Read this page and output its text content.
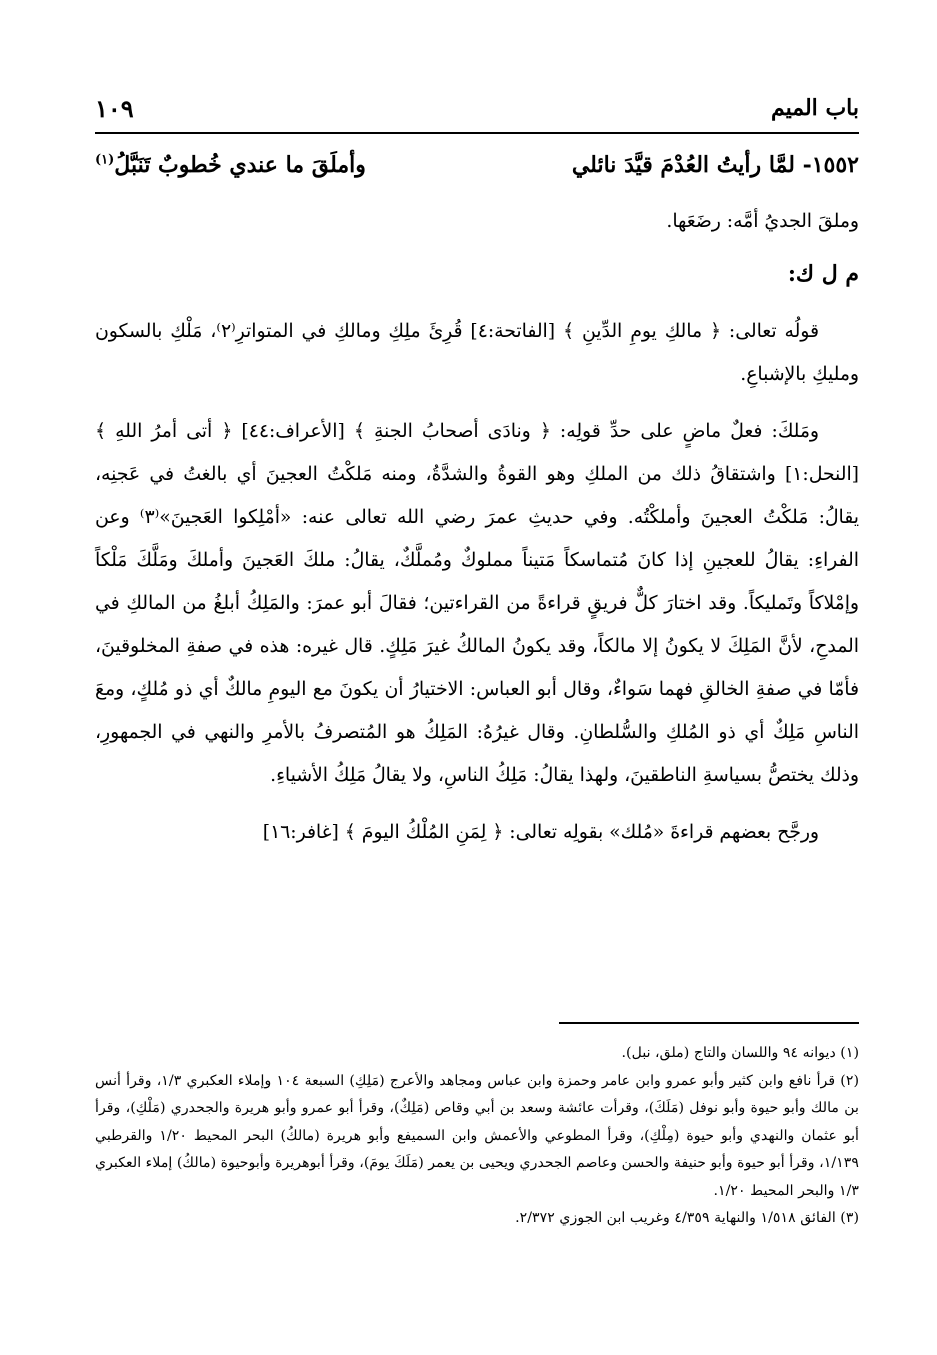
باب الميم
١٠٩
١٥٥٢- لمَّا رأيتُ العُدْمَ قيَّدَ نائلي
وأملَقَ ما عندي خُطوبٌ تَنَبَّلُ$^{(١)}$

وملقَ الجديُ أمَّه: رضَعَها.

م ل ك:

قولُه تعالى: ﴿ مالكِ يومِ الدِّينِ ﴾ [الفاتحة:٤] قُرِئَ ملِكِ ومالكِ في المتواترِ⁽٢⁾، مَلْكِ بالسكون ومليكِ بالإشباعِ.

ومَلكَ: فعلٌ ماضٍ على حدِّ قولِه: ﴿ ونادَى أصحابُ الجنةِ ﴾ [الأعراف:٤٤] ﴿ أتى أمرُ اللهِ ﴾ [النحل:١] واشتقاقُ ذلك من الملكِ وهو القوةُ والشدَّةُ، ومنه مَلكْتُ العجينَ أي بالغتُ في عَجنِه، يقالُ: مَلكْتُ العجينَ وأملكْتُه. وفي حديثِ عمرَ رضي الله تعالى عنه: «أمْلِكوا العَجينَ»⁽٣⁾ وعن الفراءِ: يقالُ للعجينِ إذا كانَ مُتماسكاً مَتيناً مملوكٌ ومُملَّكٌ، يقالُ: ملكَ العَجينَ وأملكَ ومَلَّكَ مَلْكاً وإمْلاكاً وتَمليكاً. وقد اختارَ كلٌّ فريقٍ قراءةً من القراءتين؛ فقالَ أبو عمرَ: والمَلِكُ أبلغُ من المالكِ في المدحِ، لأنَّ المَلِكَ لا يكونُ إلا مالكاً، وقد يكونُ المالكُ غيرَ مَلِكٍ. قال غيره: هذه في صفةِ المخلوقينَ، فأمّا في صفةِ الخالقِ فهما سَواءٌ، وقال أبو العباس: الاختيارُ أن يكونَ مع اليومِ مالكٌ أي ذو مُلكٍ، ومعَ الناسِ مَلِكٌ أي ذو المُلكِ والسُّلطانِ. وقال غيرُهُ: المَلِكُ هو المُتصرفُ بالأمرِ والنهي في الجمهورِ، وذلك يختصُّ بسياسةِ الناطقينَ، ولهذا يقالُ: مَلِكُ الناسِ، ولا يقالُ مَلِكُ الأشياءِ.

ورجَّح بعضهم قراءةَ «مُلك» بقولِه تعالى: ﴿ لِمَنِ المُلْكُ اليومَ ﴾ [غافر:١٦]

(١) ديوانه ٩٤ واللسان والتاج (ملق، نبل).

(٢) قرأ نافع وابن كثير وأبو عمرو وابن عامر وحمزة وابن عباس ومجاهد والأعرج (مَلِكِ) السبعة ١٠٤ وإملاء العكبري ١/٣، وقرأ أنس بن مالك وأبو حيوة وأبو نوفل (مَلَكَ)، وقرأت عائشة وسعد بن أبي وقاص (مَلِكٌ)، وقرأ أبو عمرو وأبو هريرة والجحدري (مَلْكِ)، وقرأ أبو عثمان والنهدي وأبو حيوة (مِلْكِ)، وقرأ المطوعي والأعمش وابن السميفع وأبو هريرة (مالكُ) البحر المحيط ١/٢٠ والقرطبي ١/١٣٩، وقرأ أبو حيوة وأبو حنيفة والحسن وعاصم الجحدري ويحيى بن يعمر (مَلَكَ يومَ)، وقرأ أبوهريرة وأبوحيوة (مالكُ) إملاء العكبري ١/٣ والبحر المحيط ١/٢٠.

(٣) الفائق ١/٥١٨ والنهاية ٤/٣٥٩ وغريب ابن الجوزي ٢/٣٧٢.
